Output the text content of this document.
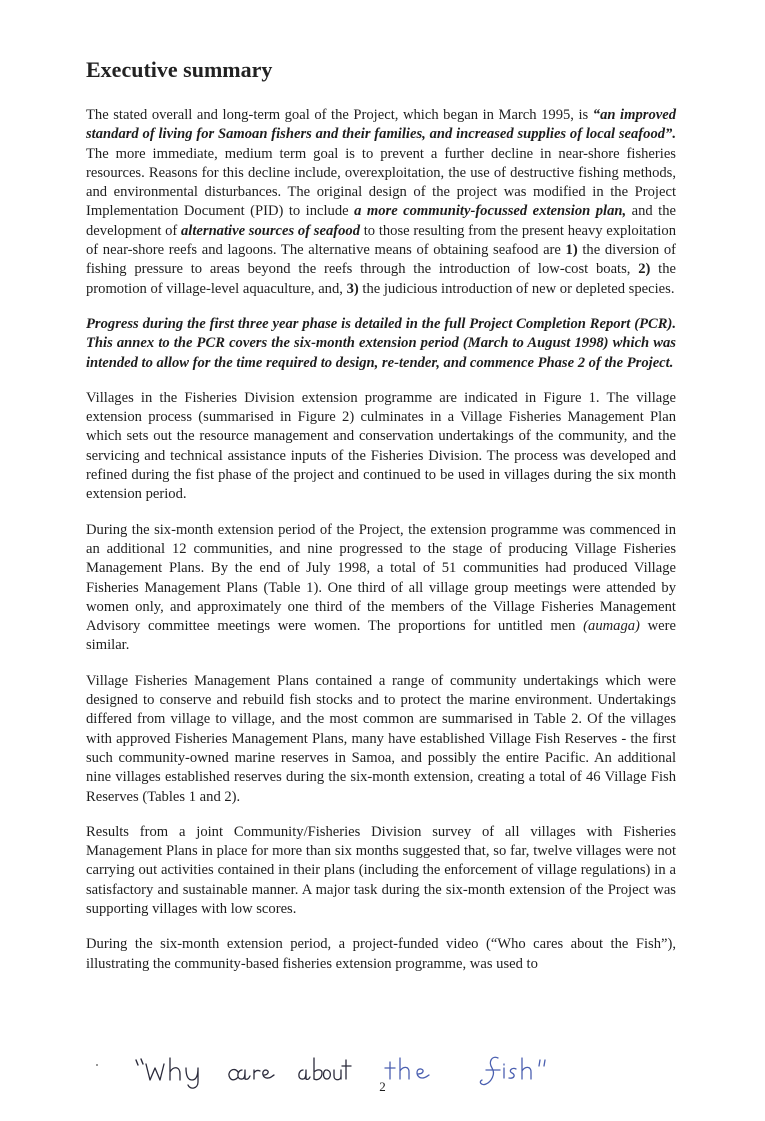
Executive summary

The stated overall and long-term goal of the Project, which began in March 1995, is “an improved standard of living for Samoan fishers and their families, and increased supplies of local seafood”. The more immediate, medium term goal is to prevent a further decline in near-shore fisheries resources. Reasons for this decline include, overexploitation, the use of destructive fishing methods, and environmental disturbances. The original design of the project was modified in the Project Implementation Document (PID) to include a more community-focussed extension plan, and the development of alternative sources of seafood to those resulting from the present heavy exploitation of near-shore reefs and lagoons. The alternative means of obtaining seafood are 1) the diversion of fishing pressure to areas beyond the reefs through the introduction of low-cost boats, 2) the promotion of village-level aquaculture, and, 3) the judicious introduction of new or depleted species.

Progress during the first three year phase is detailed in the full Project Completion Report (PCR). This annex to the PCR covers the six-month extension period (March to August 1998) which was intended to allow for the time required to design, re-tender, and commence Phase 2 of the Project.

Villages in the Fisheries Division extension programme are indicated in Figure 1. The village extension process (summarised in Figure 2) culminates in a Village Fisheries Management Plan which sets out the resource management and conservation undertakings of the community, and the servicing and technical assistance inputs of the Fisheries Division. The process was developed and refined during the fist phase of the project and continued to be used in villages during the six month extension period.

During the six-month extension period of the Project, the extension programme was commenced in an additional 12 communities, and nine progressed to the stage of producing Village Fisheries Management Plans. By the end of July 1998, a total of 51 communities had produced Village Fisheries Management Plans (Table 1). One third of all village group meetings were attended by women only, and approximately one third of the members of the Village Fisheries Management Advisory committee meetings were women. The proportions for untitled men (aumaga) were similar.

Village Fisheries Management Plans contained a range of community undertakings which were designed to conserve and rebuild fish stocks and to protect the marine environment. Undertakings differed from village to village, and the most common are summarised in Table 2. Of the villages with approved Fisheries Management Plans, many have established Village Fish Reserves - the first such community-owned marine reserves in Samoa, and possibly the entire Pacific. An additional nine villages established reserves during the six-month extension, creating a total of 46 Village Fish Reserves (Tables 1 and 2).

Results from a joint Community/Fisheries Division survey of all villages with Fisheries Management Plans in place for more than six months suggested that, so far, twelve villages were not carrying out activities contained in their plans (including the enforcement of village regulations) in a satisfactory and sustainable manner. A major task during the six-month extension of the Project was supporting villages with low scores.

During the six-month extension period, a project-funded video (“Who cares about the Fish”), illustrating the community-based fisheries extension programme, was used to

2
